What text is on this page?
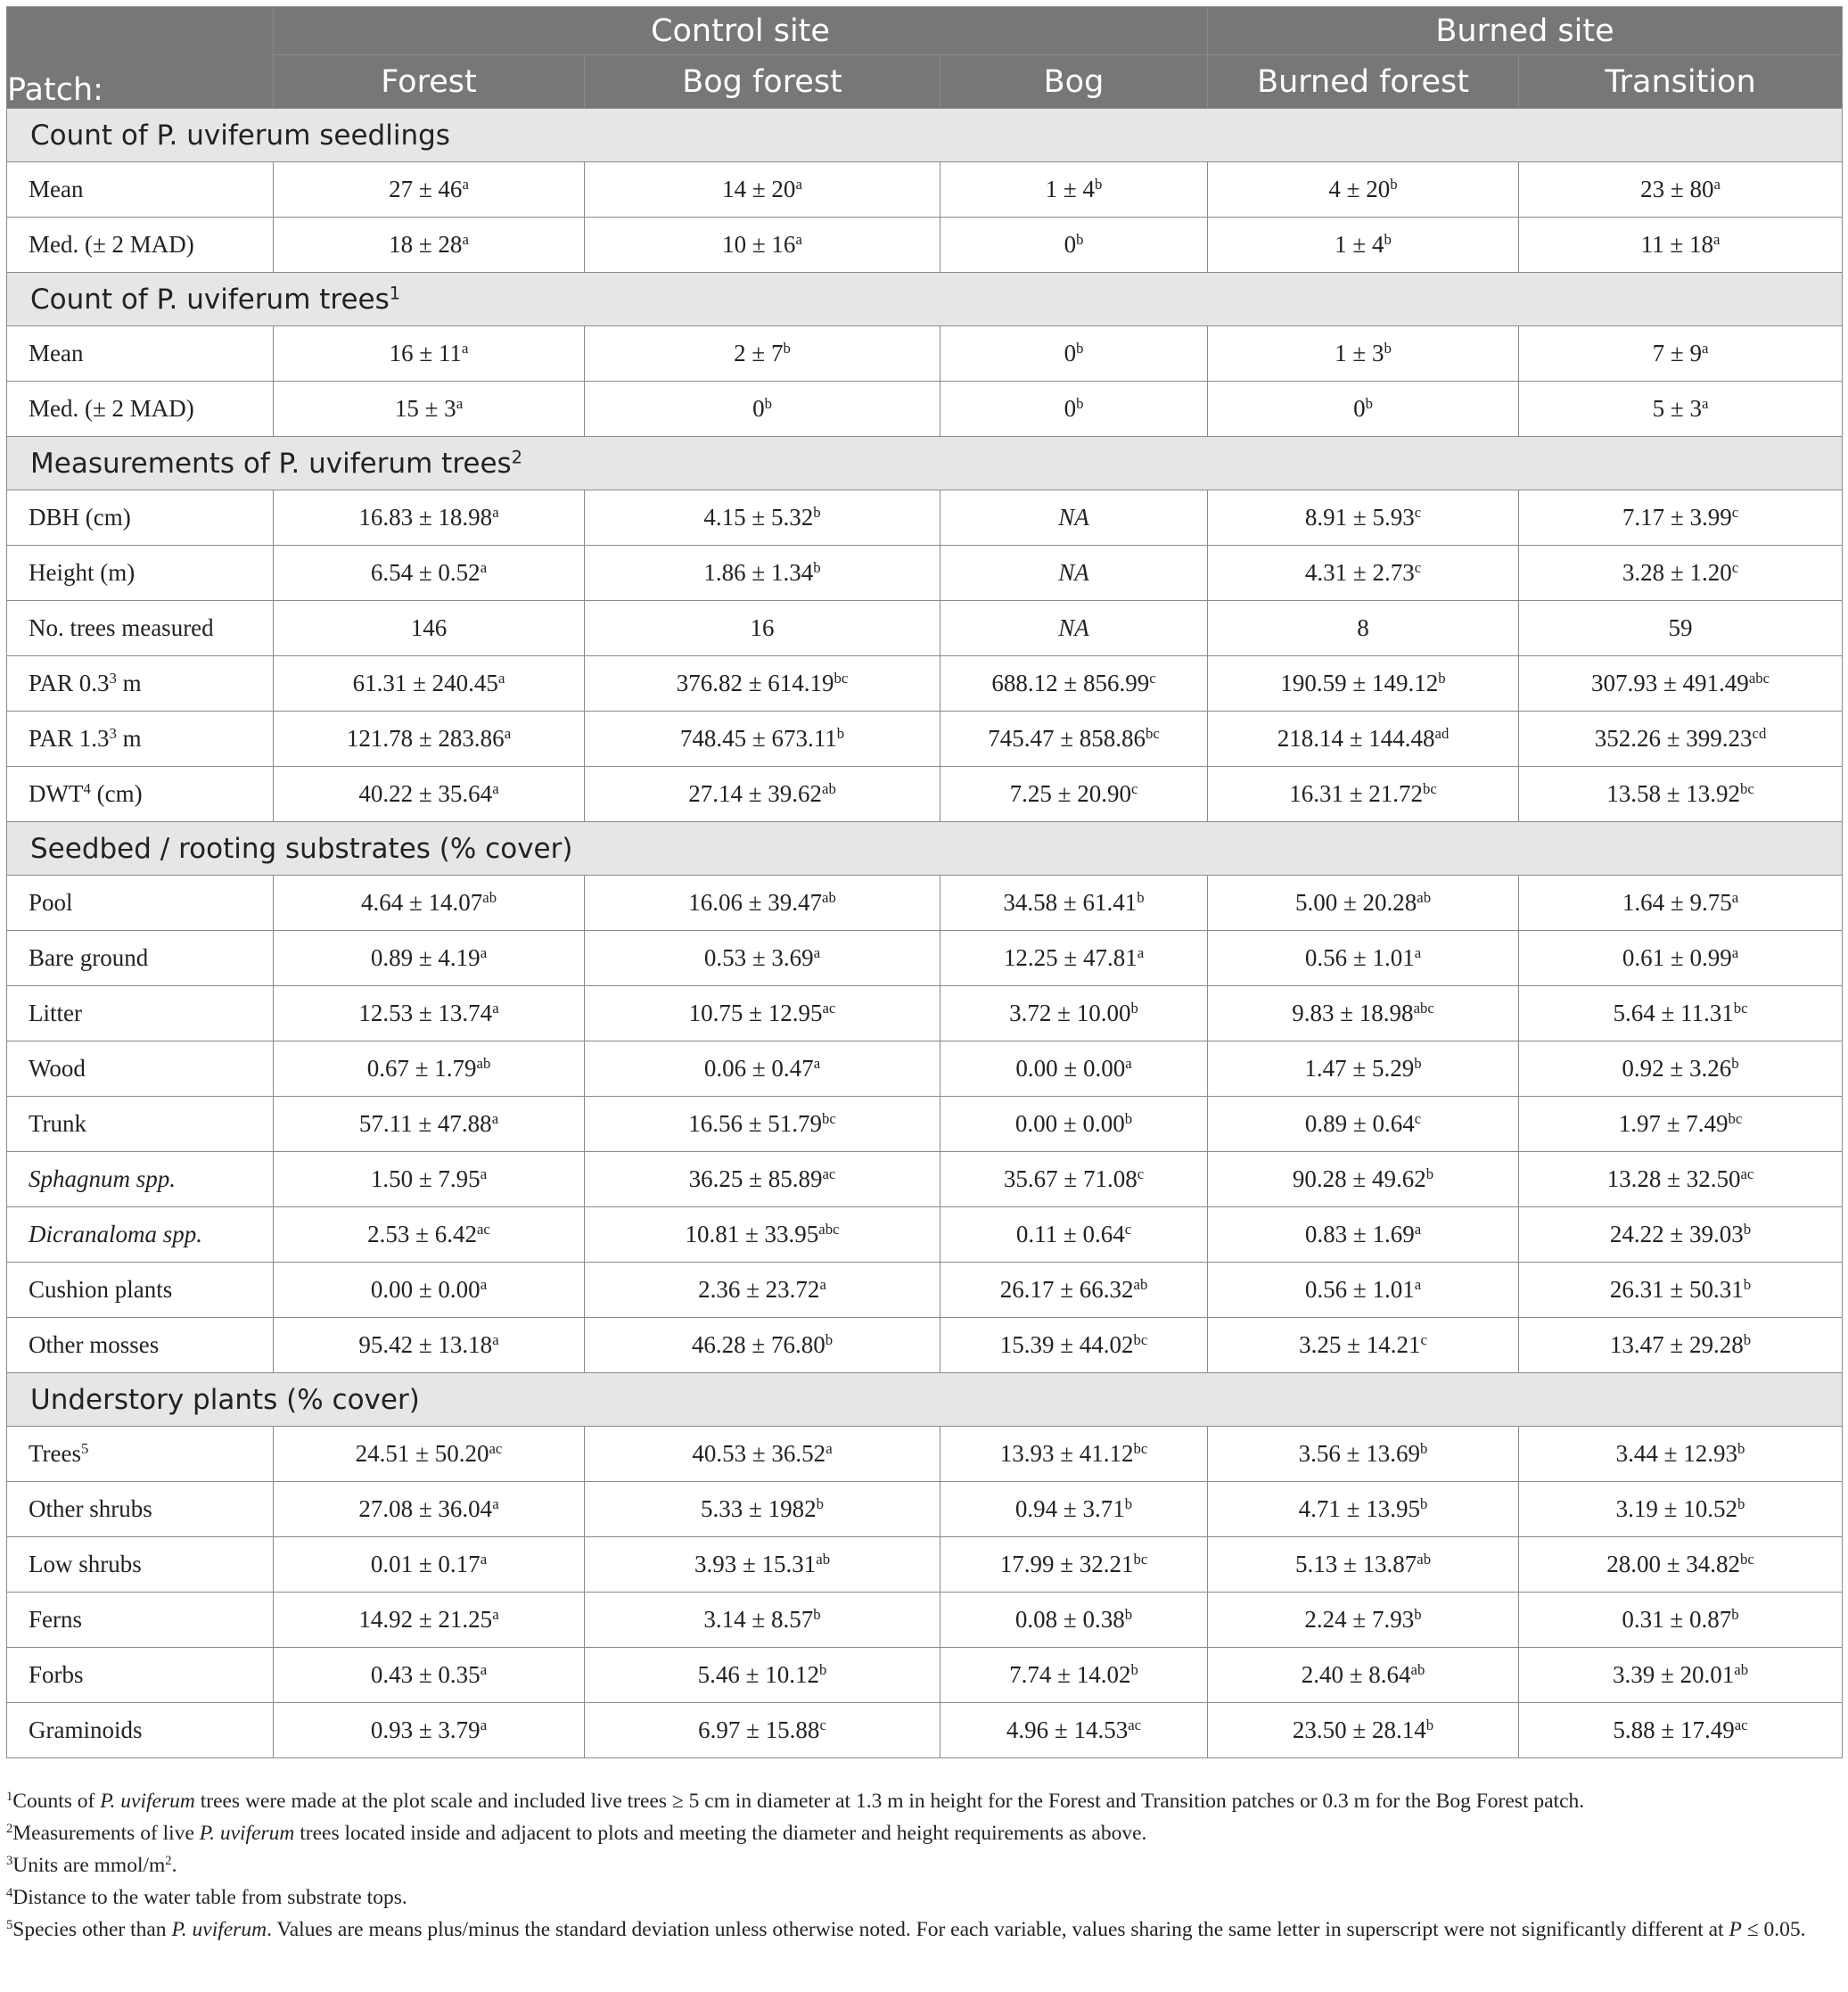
Patch:	Control site			Burned site	
	Forest	Bog forest	Bog	Burned forest	Transition
Count of P. uviferum seedlings					
Mean	$27 \pm 46^a$	$14 \pm 20^a$	$1 \pm 4^b$	$4 \pm 20^b$	$23 \pm 80^a$
Med. (± 2 MAD)	$18 \pm 28^a$	$10 \pm 16^a$	0$^b$	$1 \pm 4^b$	$11 \pm 18^a$
Count of P. uviferum trees$^1$
Mean	$16 \pm 11^a$	$2 \pm 7^b$	0$^b$	$1 \pm 3^b$	$7 \pm 9^a$
Med. (± 2 MAD)	$15 \pm 3^a$	0$^b$	0$^b$	0$^b$	$5 \pm 3^a$
Measurements of P. uviferum trees$^2$
DBH (cm)	16.83 ± 18.98$^a$	4.15 ± 5.32$^b$	NA	8.91 ± 5.93$^c$	7.17 ± 3.99$^c$
Height (m)	6.54 ± 0.52$^a$	1.86 ± 1.34$^b$	NA	4.31 ± 2.73$^c$	3.28 ± 1.20$^c$
No. trees measured	146	16	NA	8	59
PAR $0.3^3$ m	61.31 ± 240.45$^a$	376.82 ± 614.19$^{bc}$	688.12 ± 856.99$^c$	190.59 ± 149.12$^b$	307.93 ± 491.49$^{abc}$
PAR $1.3^3$ m	121.78 ± 283.86$^a$	748.45 ± 673.11$^b$	745.47 ± 858.86$^{bc}$	218.14 ± 144.48$^{ad}$	352.26 ± 399.23$^{cd}$
DWT$^4$ (cm)	40.22 ± 35.64$^a$	27.14 ± 39.62$^{ab}$	7.25 ± 20.90$^c$	16.31 ± 21.72$^{bc}$	13.58 ± 13.92$^{bc}$
Seedbed / rooting substrates (% cover)					
Pool	4.64 ± 14.07$^{ab}$	16.06 ± 39.47$^{ab}$	34.58 ± 61.41$^b$	5.00 ± 20.28$^{ab}$	1.64 ± 9.75$^a$
Bare ground	0.89 ± 4.19$^a$	0.53 ± 3.69$^a$	12.25 ± 47.81$^a$	0.56 ± 1.01$^a$	0.61 ± 0.99$^a$
Litter	12.53 ± 13.74$^a$	10.75 ± 12.95$^{ac}$	3.72 ± 10.00$^b$	9.83 ± 18.98$^{abc}$	5.64 ± 11.31$^{bc}$
Wood	0.67 ± 1.79$^{ab}$	0.06 ± 0.47$^a$	0.00 ± 0.00$^a$	1.47 ± 5.29$^b$	0.92 ± 3.26$^b$
Trunk	57.11 ± 47.88$^a$	16.56 ± 51.79$^{bc}$	0.00 ± 0.00$^b$	0.89 ± 0.64$^c$	1.97 ± 7.49$^{bc}$
Sphagnum spp.	1.50 ± 7.95$^a$	36.25 ± 85.89$^{ac}$	35.67 ± 71.08$^c$	90.28 ± 49.62$^b$	13.28 ± 32.50$^{ac}$
Dicranaloma spp.	2.53 ± 6.42$^{ac}$	10.81 ± 33.95$^{abc}$	0.11 ± 0.64$^c$	0.83 ± 1.69$^a$	24.22 ± 39.03$^b$
Cushion plants	0.00 ± 0.00$^a$	2.36 ± 23.72$^a$	26.17 ± 66.32$^{ab}$	0.56 ± 1.01$^a$	26.31 ± 50.31$^b$
Other mosses	95.42 ± 13.18$^a$	46.28 ± 76.80$^b$	15.39 ± 44.02$^{bc}$	3.25 ± 14.21$^c$	13.47 ± 29.28$^b$
Understory plants (% cover)					
Trees$^5$	24.51 ± 50.20$^{ac}$	40.53 ± 36.52$^a$	13.93 ± 41.12$^{bc}$	3.56 ± 13.69$^b$	3.44 ± 12.93$^b$
Other shrubs	27.08 ± 36.04$^a$	$5.33 \pm 1982^b$	0.94 ± 3.71$^b$	4.71 ± 13.95$^b$	3.19 ± 10.52$^b$
Low shrubs	0.01 ± 0.17$^a$	3.93 ± 15.31$^{ab}$	17.99 ± 32.21$^{bc}$	5.13 ± 13.87$^{ab}$	28.00 ± 34.82$^{bc}$
Ferns	14.92 ± 21.25$^a$	3.14 ± 8.57$^b$	0.08 ± 0.38$^b$	2.24 ± 7.93$^b$	0.31 ± 0.87$^b$
Forbs	0.43 ± 0.35$^a$	5.46 ± 10.12$^b$	7.74 ± 14.02$^b$	2.40 ± 8.64$^{ab}$	3.39 ± 20.01$^{ab}$
Graminoids	0.93 ± 3.79$^a$	6.97 ± 15.88$^c$	4.96 ± 14.53$^{ac}$	23.50 ± 28.14$^b$	5.88 ± 17.49$^{ac}$
$^1$Counts of P. uviferum trees were made at the plot scale and included live trees ≥ 5 cm in diameter at 1.3 m in height for the Forest and Transition patches or 0.3 m for the Bog Forest patch.
$^2$Measurements of live P. uviferum trees located inside and adjacent to plots and meeting the diameter and height requirements as above.
$^3$Units are mmol/$m^2$.
$^4$Distance to the water table from substrate tops.
$^5$Species other than P. uviferum. Values are means plus/minus the standard deviation unless otherwise noted. For each variable, values sharing the same letter in superscript were not significantly different at P ≤ 0.05.
